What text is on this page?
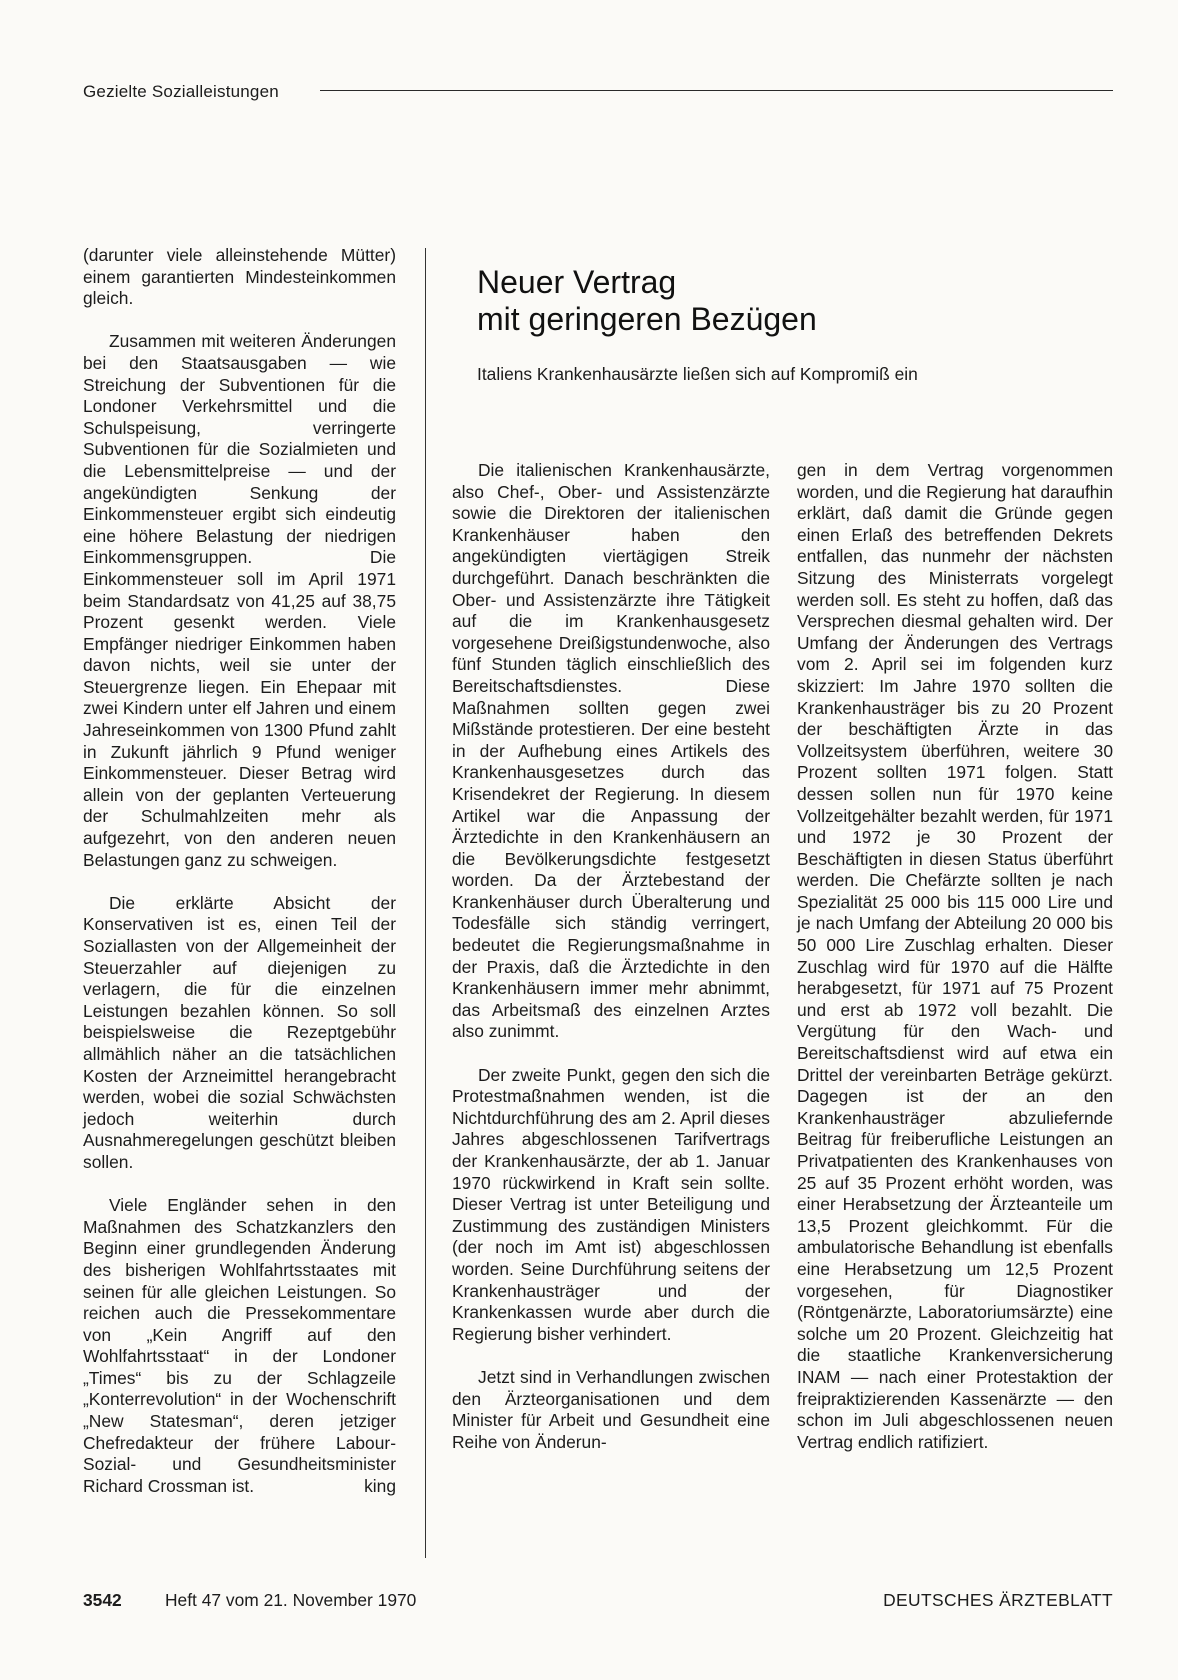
Gezielte Sozialleistungen

(darunter viele alleinstehende Mütter) einem garantierten Mindesteinkommen gleich.

Zusammen mit weiteren Änderungen bei den Staatsausgaben — wie Streichung der Subventionen für die Londoner Verkehrsmittel und die Schulspeisung, verringerte Subventionen für die Sozialmieten und die Lebensmittelpreise — und der angekündigten Senkung der Einkommensteuer ergibt sich eindeutig eine höhere Belastung der niedrigen Einkommensgruppen. Die Einkommensteuer soll im April 1971 beim Standardsatz von 41,25 auf 38,75 Prozent gesenkt werden. Viele Empfänger niedriger Einkommen haben davon nichts, weil sie unter der Steuergrenze liegen. Ein Ehepaar mit zwei Kindern unter elf Jahren und einem Jahreseinkommen von 1300 Pfund zahlt in Zukunft jährlich 9 Pfund weniger Einkommensteuer. Dieser Betrag wird allein von der geplanten Verteuerung der Schulmahlzeiten mehr als aufgezehrt, von den anderen neuen Belastungen ganz zu schweigen.

Die erklärte Absicht der Konservativen ist es, einen Teil der Soziallasten von der Allgemeinheit der Steuerzahler auf diejenigen zu verlagern, die für die einzelnen Leistungen bezahlen können. So soll beispielsweise die Rezeptgebühr allmählich näher an die tatsächlichen Kosten der Arzneimittel herangebracht werden, wobei die sozial Schwächsten jedoch weiterhin durch Ausnahmeregelungen geschützt bleiben sollen.

Viele Engländer sehen in den Maßnahmen des Schatzkanzlers den Beginn einer grundlegenden Änderung des bisherigen Wohlfahrtsstaates mit seinen für alle gleichen Leistungen. So reichen auch die Pressekommentare von „Kein Angriff auf den Wohlfahrtsstaat“ in der Londoner „Times“ bis zu der Schlagzeile „Konterrevolution“ in der Wochenschrift „New Statesman“, deren jetziger Chefredakteur der frühere Labour-Sozial- und Gesundheitsminister Richard Crossman ist.	king
Neuer Vertrag
mit geringeren Bezügen
Italiens Krankenhausärzte ließen sich auf Kompromiß ein

Die italienischen Krankenhausärzte, also Chef-, Ober- und Assistenzärzte sowie die Direktoren der italienischen Krankenhäuser haben den angekündigten viertägigen Streik durchgeführt. Danach beschränkten die Ober- und Assistenzärzte ihre Tätigkeit auf die im Krankenhausgesetz vorgesehene Dreißigstundenwoche, also fünf Stunden täglich einschließlich des Bereitschaftsdienstes. Diese Maßnahmen sollten gegen zwei Mißstände protestieren. Der eine besteht in der Aufhebung eines Artikels des Krankenhausgesetzes durch das Krisendekret der Regierung. In diesem Artikel war die Anpassung der Ärztedichte in den Krankenhäusern an die Bevölkerungsdichte festgesetzt worden. Da der Ärztebestand der Krankenhäuser durch Überalterung und Todesfälle sich ständig verringert, bedeutet die Regierungsmaßnahme in der Praxis, daß die Ärztedichte in den Krankenhäusern immer mehr abnimmt, das Arbeitsmaß des einzelnen Arztes also zunimmt.

Der zweite Punkt, gegen den sich die Protestmaßnahmen wenden, ist die Nichtdurchführung des am 2. April dieses Jahres abgeschlossenen Tarifvertrags der Krankenhausärzte, der ab 1. Januar 1970 rückwirkend in Kraft sein sollte. Dieser Vertrag ist unter Beteiligung und Zustimmung des zuständigen Ministers (der noch im Amt ist) abgeschlossen worden. Seine Durchführung seitens der Krankenhausträger und der Krankenkassen wurde aber durch die Regierung bisher verhindert.

Jetzt sind in Verhandlungen zwischen den Ärzteorganisationen und dem Minister für Arbeit und Gesundheit eine Reihe von Änderun-

gen in dem Vertrag vorgenommen worden, und die Regierung hat daraufhin erklärt, daß damit die Gründe gegen einen Erlaß des betreffenden Dekrets entfallen, das nunmehr der nächsten Sitzung des Ministerrats vorgelegt werden soll. Es steht zu hoffen, daß das Versprechen diesmal gehalten wird. Der Umfang der Änderungen des Vertrags vom 2. April sei im folgenden kurz skizziert: Im Jahre 1970 sollten die Krankenhausträger bis zu 20 Prozent der beschäftigten Ärzte in das Vollzeitsystem überführen, weitere 30 Prozent sollten 1971 folgen. Statt dessen sollen nun für 1970 keine Vollzeitgehälter bezahlt werden, für 1971 und 1972 je 30 Prozent der Beschäftigten in diesen Status überführt werden. Die Chefärzte sollten je nach Spezialität 25 000 bis 115 000 Lire und je nach Umfang der Abteilung 20 000 bis 50 000 Lire Zuschlag erhalten. Dieser Zuschlag wird für 1970 auf die Hälfte herabgesetzt, für 1971 auf 75 Prozent und erst ab 1972 voll bezahlt. Die Vergütung für den Wach- und Bereitschaftsdienst wird auf etwa ein Drittel der vereinbarten Beträge gekürzt. Dagegen ist der an den Krankenhausträger abzuliefernde Beitrag für freiberufliche Leistungen an Privatpatienten des Krankenhauses von 25 auf 35 Prozent erhöht worden, was einer Herabsetzung der Ärzteanteile um 13,5 Prozent gleichkommt. Für die ambulatorische Behandlung ist ebenfalls eine Herabsetzung um 12,5 Prozent vorgesehen, für Diagnostiker (Röntgenärzte, Laboratoriumsärzte) eine solche um 20 Prozent. Gleichzeitig hat die staatliche Krankenversicherung INAM — nach einer Protestaktion der freipraktizierenden Kassenärzte — den schon im Juli abgeschlossenen neuen Vertrag endlich ratifiziert.

3542 Heft 47 vom 21. November 1970	DEUTSCHES ÄRZTEBLATT
